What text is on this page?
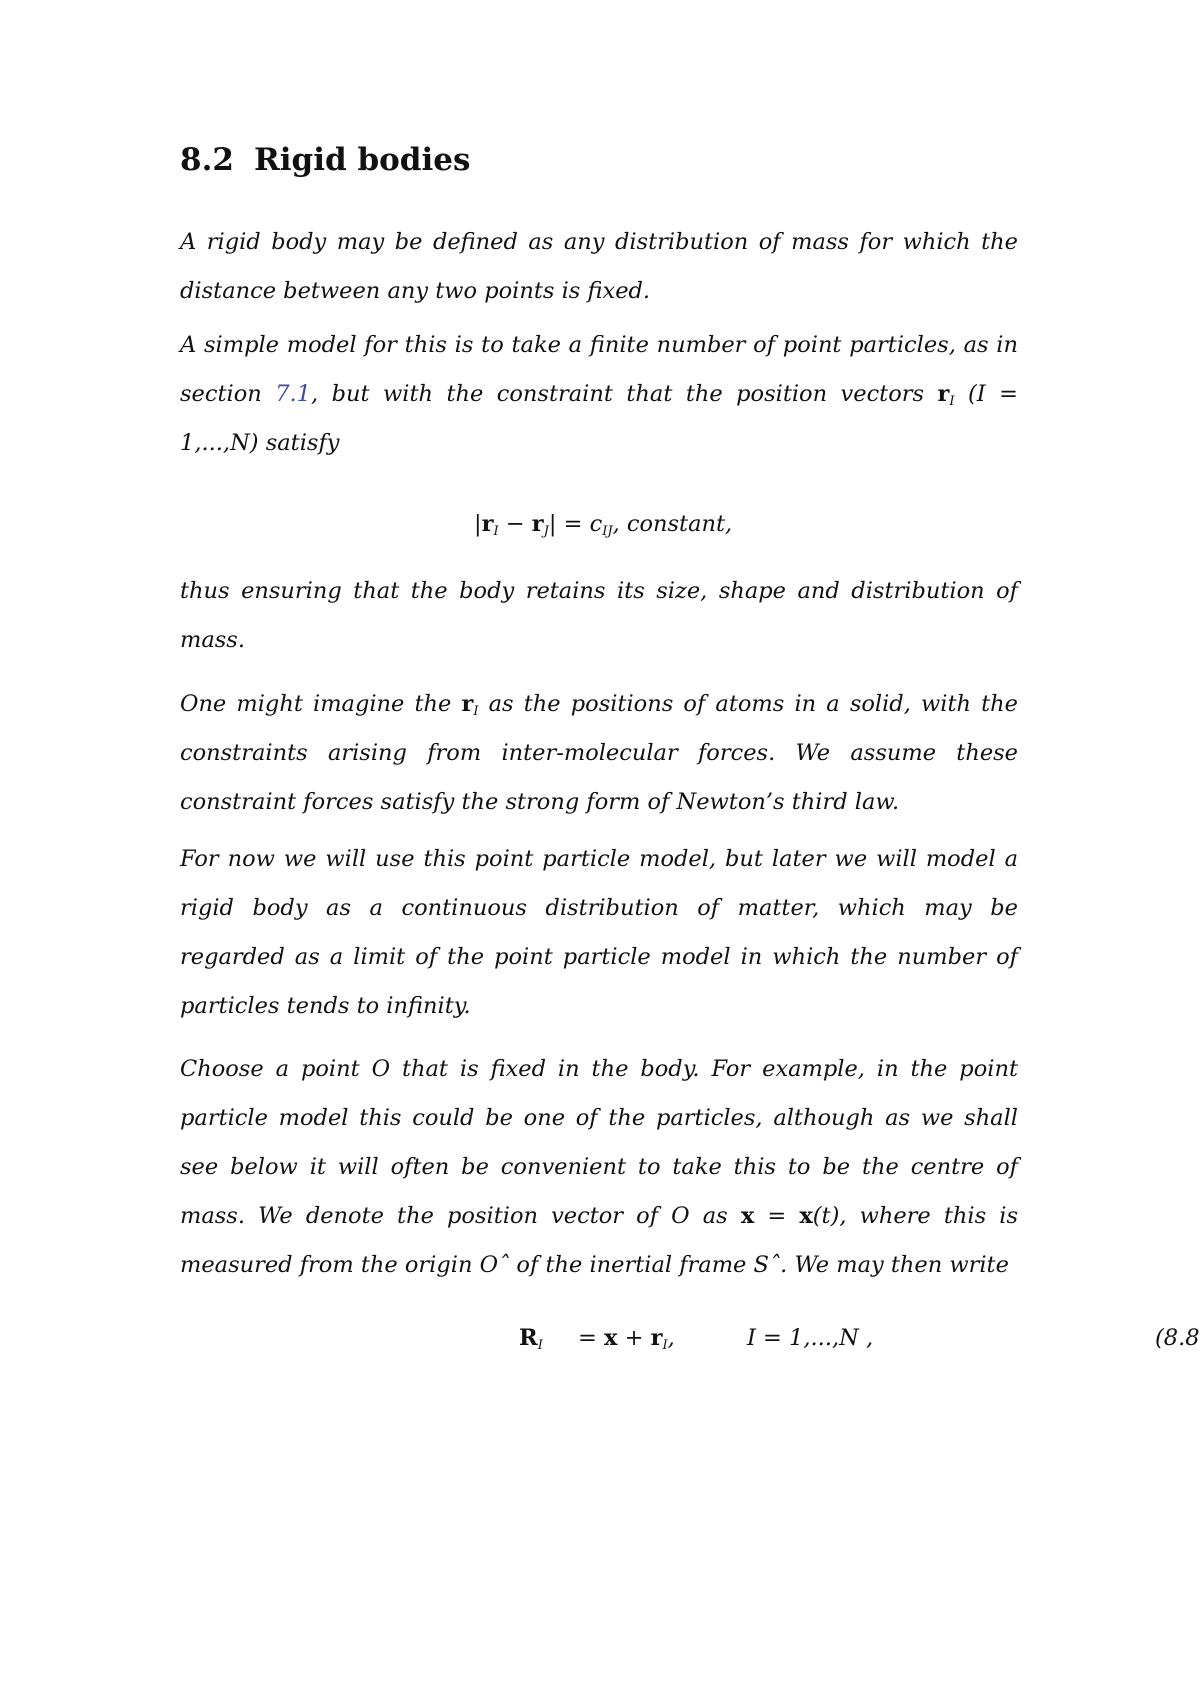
8.2 Rigid bodies
A rigid body may be defined as any distribution of mass for which the
distance between any two points is fixed.
A simple model for this is to take a finite number of point particles, as in
section 7.1, but with the constraint that the position vectors $r_I$ (I =
1,...,N) satisfy
$|r_I - r_J| = c_{IJ}$, constant,
thus ensuring that the body retains its size, shape and distribution of
mass.
One might imagine the $r_I$ as the positions of atoms in a solid, with the
constraints arising from inter-molecular forces. We assume these
constraint forces satisfy the strong form of Newton’s third law.
For now we will use this point particle model, but later we will model a
rigid body as a continuous distribution of matter, which may be
regarded as a limit of the point particle model in which the number of
particles tends to infinity.
Choose a point O that is fixed in the body. For example, in the point
particle model this could be one of the particles, although as we shall
see below it will often be convenient to take this to be the centre of
mass. We denote the position vector of O as x = x(t), where this is
measured from the origin Oˆ of the inertial frame Sˆ. We may then write
$R_I = x + r_I$,	I = 1,...,N ,	(8.8
